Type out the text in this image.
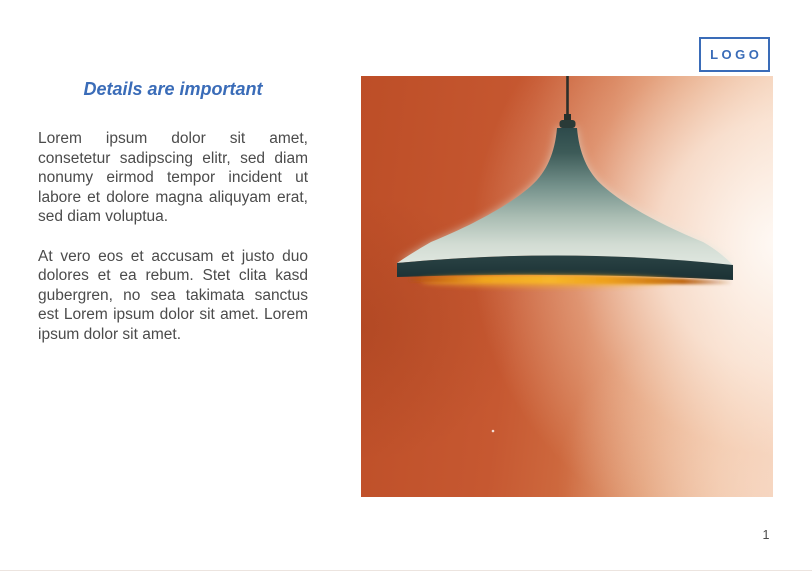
LOGO
Details are important
Lorem ipsum dolor sit amet,
consetetur sadipscing elitr, sed diam
nonumy eirmod tempor incident ut
labore et dolore magna aliquyam erat,
sed diam voluptua.
At vero eos et accusam et justo duo
dolores et ea rebum. Stet clita kasd
gubergren, no sea takimata sanctus
est Lorem ipsum dolor sit amet. Lorem
ipsum dolor sit amet.
1
